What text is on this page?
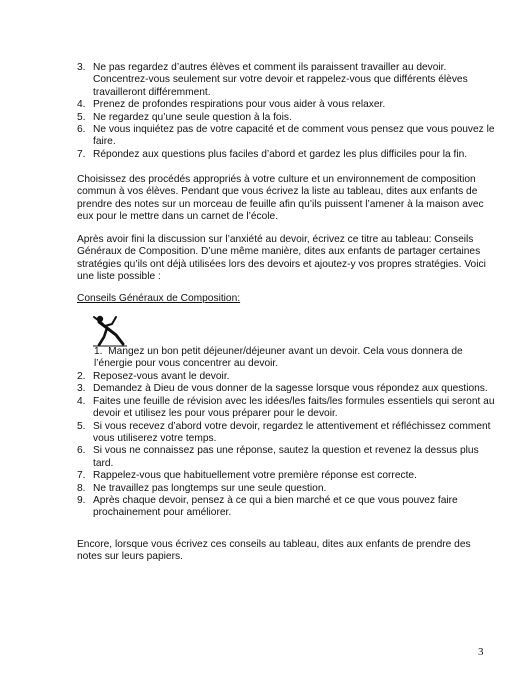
3. Ne pas regardez d’autres élèves et comment ils paraissent travailler au devoir. Concentrez-vous seulement sur votre devoir et rappelez-vous que différents élèves travailleront différemment.
4. Prenez de profondes respirations pour vous aider à vous relaxer.
5. Ne regardez qu’une seule question à la fois.
6. Ne vous inquiétez pas de votre capacité et de comment vous pensez que vous pouvez le faire.
7. Répondez aux questions plus faciles d’abord et gardez les plus difficiles pour la fin.

Choisissez des procédés appropriés à votre culture et un environnement de composition commun à vos élèves. Pendant que vous écrivez la liste au tableau, dites aux enfants de prendre des notes sur un morceau de feuille afin qu’ils puissent l’amener à la maison avec eux pour le mettre dans un carnet de l’école.

Après avoir fini la discussion sur l’anxiété au devoir, écrivez ce titre au tableau: Conseils Généraux de Composition. D’une même manière, dites aux enfants de partager certaines stratégies qu’ils ont déjà utilisées lors des devoirs et ajoutez-y vos propres stratégies. Voici une liste possible :

Conseils Généraux de Composition:

1. Mangez un bon petit déjeuner/déjeuner avant un devoir. Cela vous donnera de l’énergie pour vous concentrer au devoir.
2. Reposez-vous avant le devoir.
3. Demandez à Dieu de vous donner de la sagesse lorsque vous répondez aux questions.
4. Faites une feuille de révision avec les idées/les faits/les formules essentiels qui seront au devoir et utilisez les pour vous préparer pour le devoir.
5. Si vous recevez d’abord votre devoir, regardez le attentivement et réfléchissez comment vous utiliserez votre temps.
6. Si vous ne connaissez pas une réponse, sautez la question et revenez la dessus plus tard.
7. Rappelez-vous que habituellement votre première réponse est correcte.
8. Ne travaillez pas longtemps sur une seule question.
9. Après chaque devoir, pensez à ce qui a bien marché et ce que vous pouvez faire prochainement pour améliorer.

Encore, lorsque vous écrivez ces conseils au tableau, dites aux enfants de prendre des notes sur leurs papiers.

3
